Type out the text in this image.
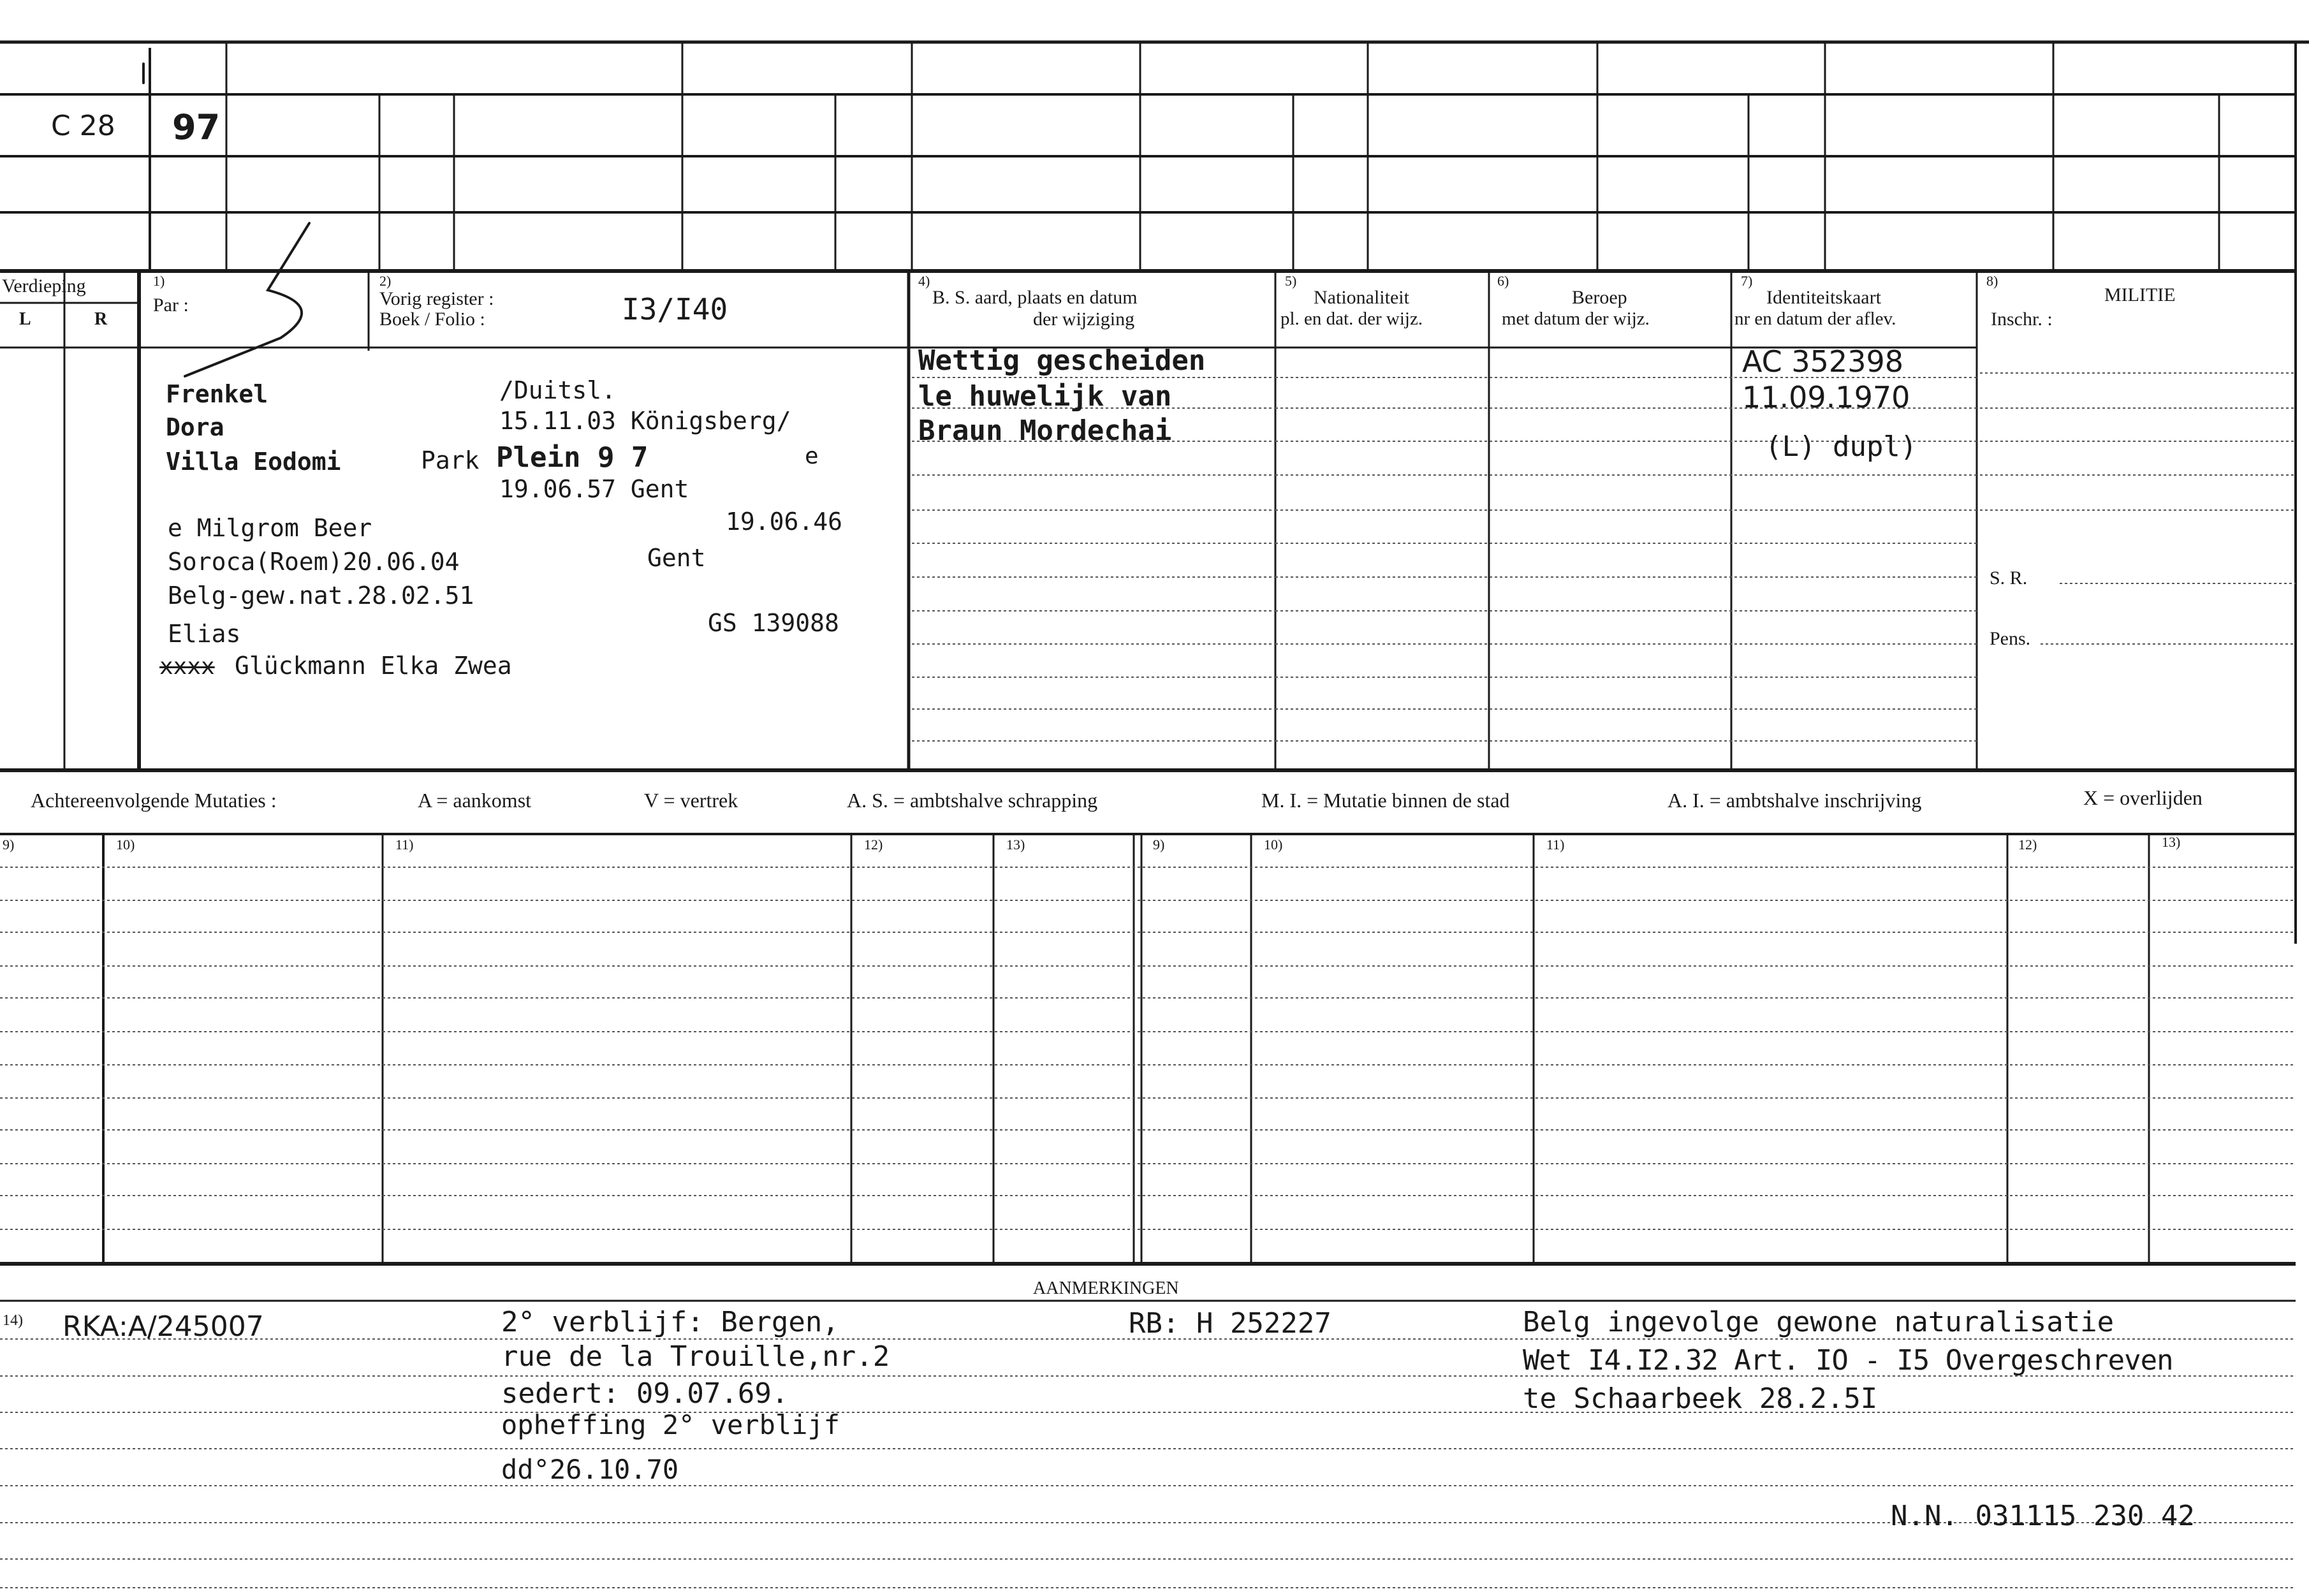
C 28 97
Verdieping
L	R
1)
Par :
2)
Vorig register :
Boek / Folio :	I3/I40
4)
B. S. aard, plaats en datum
der wijziging
5)
Nationaliteit
pl. en dat. der wijz.
6)
Beroep
met datum der wijz.
7)
Identiteitskaart
nr en datum der aflev.
8)
MILITIE
Inschr. :
S. R.
Pens.
Frenkel
Dora
Villa Eodomi
/Duitsl.
15.11.03 Königsberg/
Park Plein 9 7	e
19.06.57 Gent
e Milgrom Beer	19.06.46
Soroca(Roem)20.06.04	Gent
Belg-gew.nat.28.02.51
Elias	GS 139088
xxxx Glückmann Elka Zwea
Wettig gescheiden
le huwelijk van
Braun Mordechai
AC 352398
11.09.1970
(L) dupl)
Achtereenvolgende Mutaties :	A = aankomst	V = vertrek	A. S. = ambtshalve schrapping	M. I. = Mutatie binnen de stad	A. I. = ambtshalve inschrijving	X = overlijden
9)	10)	11)	12)	13)	9)	10)	11)	12)	13)
AANMERKINGEN
14) RKA:A/245007	2° verblijf: Bergen,
rue de la Trouille,nr.2
sedert: 09.07.69.
opheffing 2° verblijf
dd°26.10.70
RB: H 252227	Belg ingevolge gewone naturalisatie
Wet I4.I2.32 Art. IO - I5 Overgeschreven
te Schaarbeek 28.2.5I
N.N. 031115 230 42
